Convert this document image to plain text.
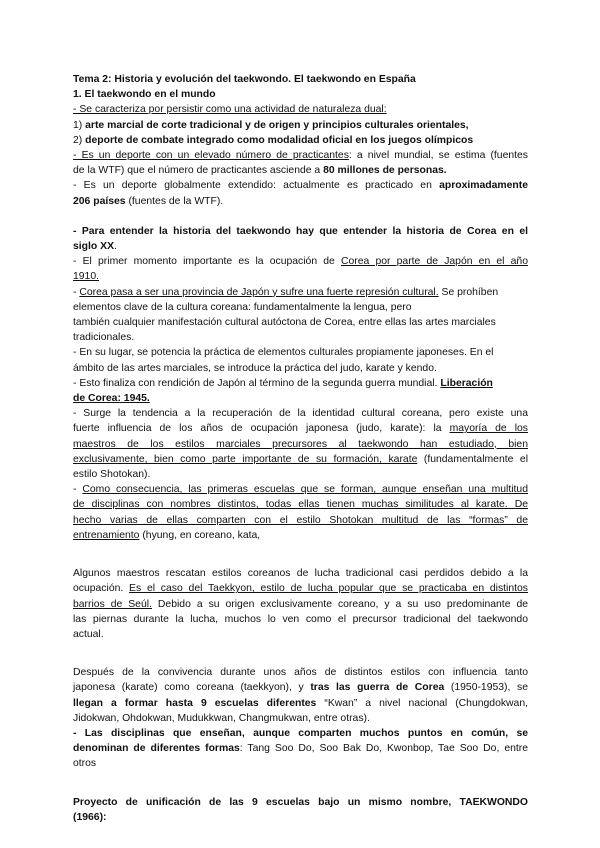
Tema 2: Historia y evolución del taekwondo. El taekwondo en España
1. El taekwondo en el mundo
- Se caracteriza por persistir como una actividad de naturaleza dual:
1) arte marcial de corte tradicional y de origen y principios culturales orientales,
2) deporte de combate integrado como modalidad oficial en los juegos olímpicos
- Es un deporte con un elevado número de practicantes: a nivel mundial, se estima (fuentes
de la WTF) que el número de practicantes asciende a 80 millones de personas.
- Es un deporte globalmente extendido: actualmente es practicado en aproximadamente
206 países (fuentes de la WTF).
- Para entender la historia del taekwondo hay que entender la historia de Corea en el
siglo XX.
- El primer momento importante es la ocupación de Corea por parte de Japón en el año
1910.
- Corea pasa a ser una provincia de Japón y sufre una fuerte represión cultural. Se prohíben
elementos clave de la cultura coreana: fundamentalmente la lengua, pero
también cualquier manifestación cultural autóctona de Corea, entre ellas las artes marciales
tradicionales.
- En su lugar, se potencia la práctica de elementos culturales propiamente japoneses. En el
ámbito de las artes marciales, se introduce la práctica del judo, karate y kendo.
- Esto finaliza con rendición de Japón al término de la segunda guerra mundial. Liberación
de Corea: 1945.
- Surge la tendencia a la recuperación de la identidad cultural coreana, pero existe una
fuerte influencia de los años de ocupación japonesa (judo, karate): la mayoría de los
maestros de los estilos marciales precursores al taekwondo han estudiado, bien
exclusivamente, bien como parte importante de su formación, karate (fundamentalmente el
estilo Shotokan).
- Como consecuencia, las primeras escuelas que se forman, aunque enseñan una multitud
de disciplinas con nombres distintos, todas ellas tienen muchas similitudes al karate. De
hecho varias de ellas comparten con el estilo Shotokan multitud de las “formas” de
entrenamiento (hyung, en coreano, kata,
Algunos maestros rescatan estilos coreanos de lucha tradicional casi perdidos debido a la
ocupación. Es el caso del Taekkyon, estilo de lucha popular que se practicaba en distintos
barrios de Seúl. Debido a su origen exclusivamente coreano, y a su uso predominante de
las piernas durante la lucha, muchos lo ven como el precursor tradicional del taekwondo
actual.
Después de la convivencia durante unos años de distintos estilos con influencia tanto
japonesa (karate) como coreana (taekkyon), y tras las guerra de Corea (1950-1953), se
llegan a formar hasta 9 escuelas diferentes “Kwan” a nivel nacional (Chungdokwan,
Jidokwan, Ohdokwan, Mudukkwan, Changmukwan, entre otras).
- Las disciplinas que enseñan, aunque comparten muchos puntos en común, se
denominan de diferentes formas: Tang Soo Do, Soo Bak Do, Kwonbop, Tae Soo Do, entre
otros
Proyecto de unificación de las 9 escuelas bajo un mismo nombre, TAEKWONDO
(1966):
